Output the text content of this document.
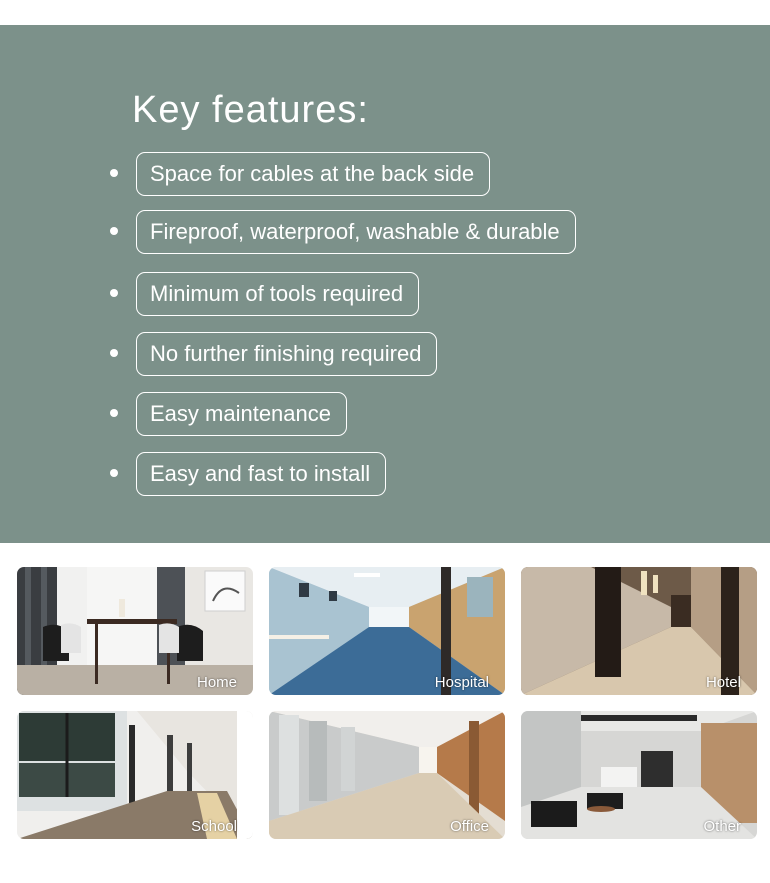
Key features:
Space for cables at the back side
Fireproof, waterproof, washable & durable
Minimum of tools required
No further finishing required
Easy maintenance
Easy and fast to install
Home	Hospital	Hotel
School	Office	Other
